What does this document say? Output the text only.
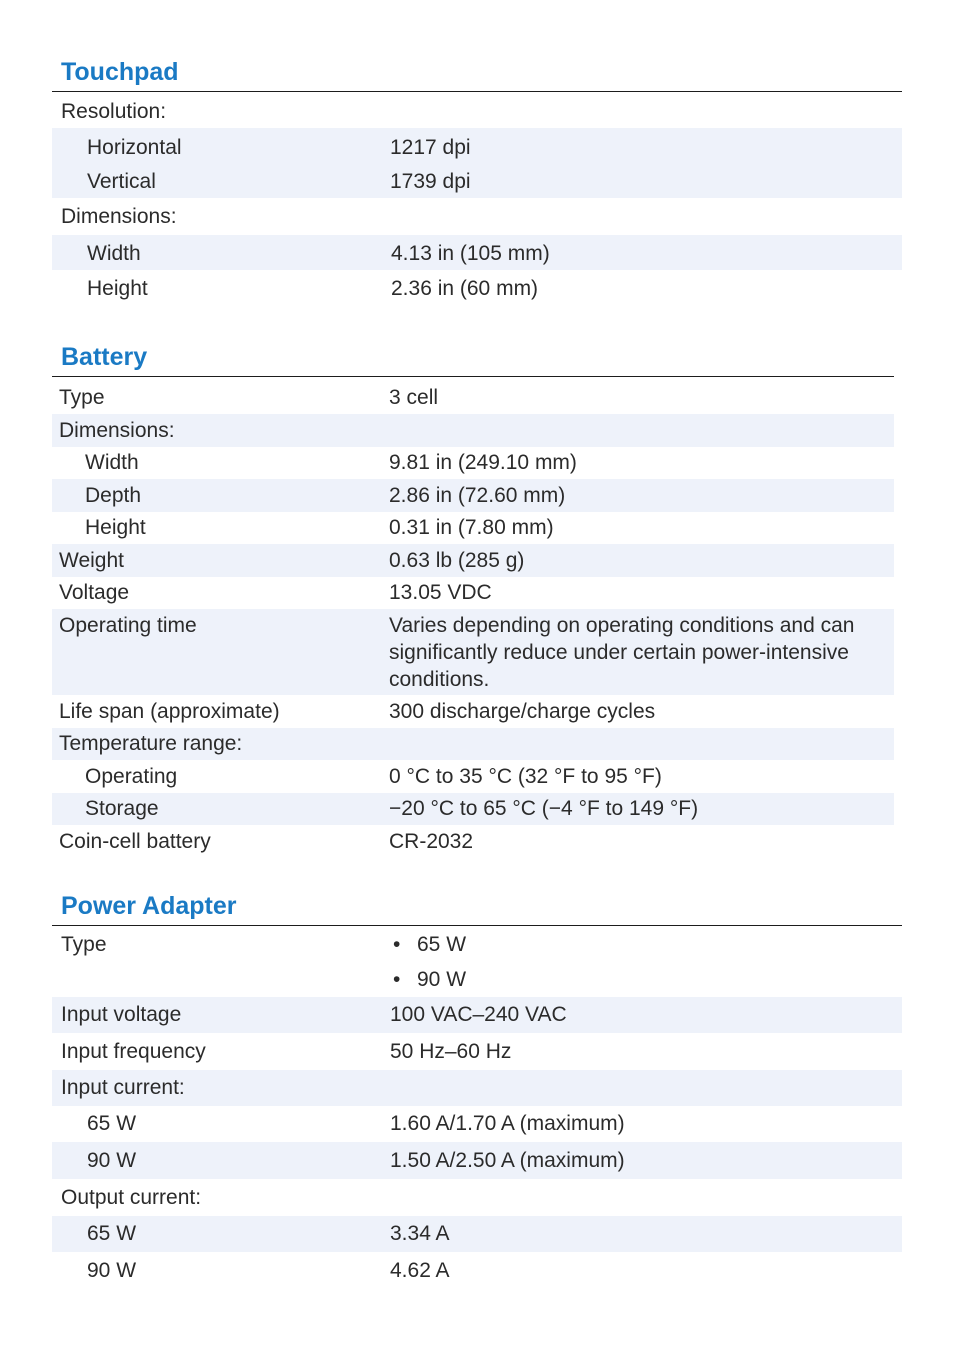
Touchpad
Resolution:
Horizontal	1217 dpi
Vertical	1739 dpi
Dimensions:
Width	4.13 in (105 mm)
Height	2.36 in (60 mm)
Battery
Type	3 cell
Dimensions:
Width	9.81 in (249.10 mm)
Depth	2.86 in (72.60 mm)
Height	0.31 in (7.80 mm)
Weight	0.63 lb (285 g)
Voltage	13.05 VDC
Operating time	Varies depending on operating conditions and can significantly reduce under certain power-intensive conditions.
Life span (approximate)	300 discharge/charge cycles
Temperature range:
Operating	0 °C to 35 °C (32 °F to 95 °F)
Storage	−20 °C to 65 °C (−4 °F to 149 °F)
Coin-cell battery	CR-2032
Power Adapter
Type
•	65 W
• 90 W
Input voltage	100 VAC–240 VAC
Input frequency	50 Hz–60 Hz
Input current:
65 W	1.60 A/1.70 A (maximum)
90 W	1.50 A/2.50 A (maximum)
Output current:
65 W	3.34 A
90 W	4.62 A
